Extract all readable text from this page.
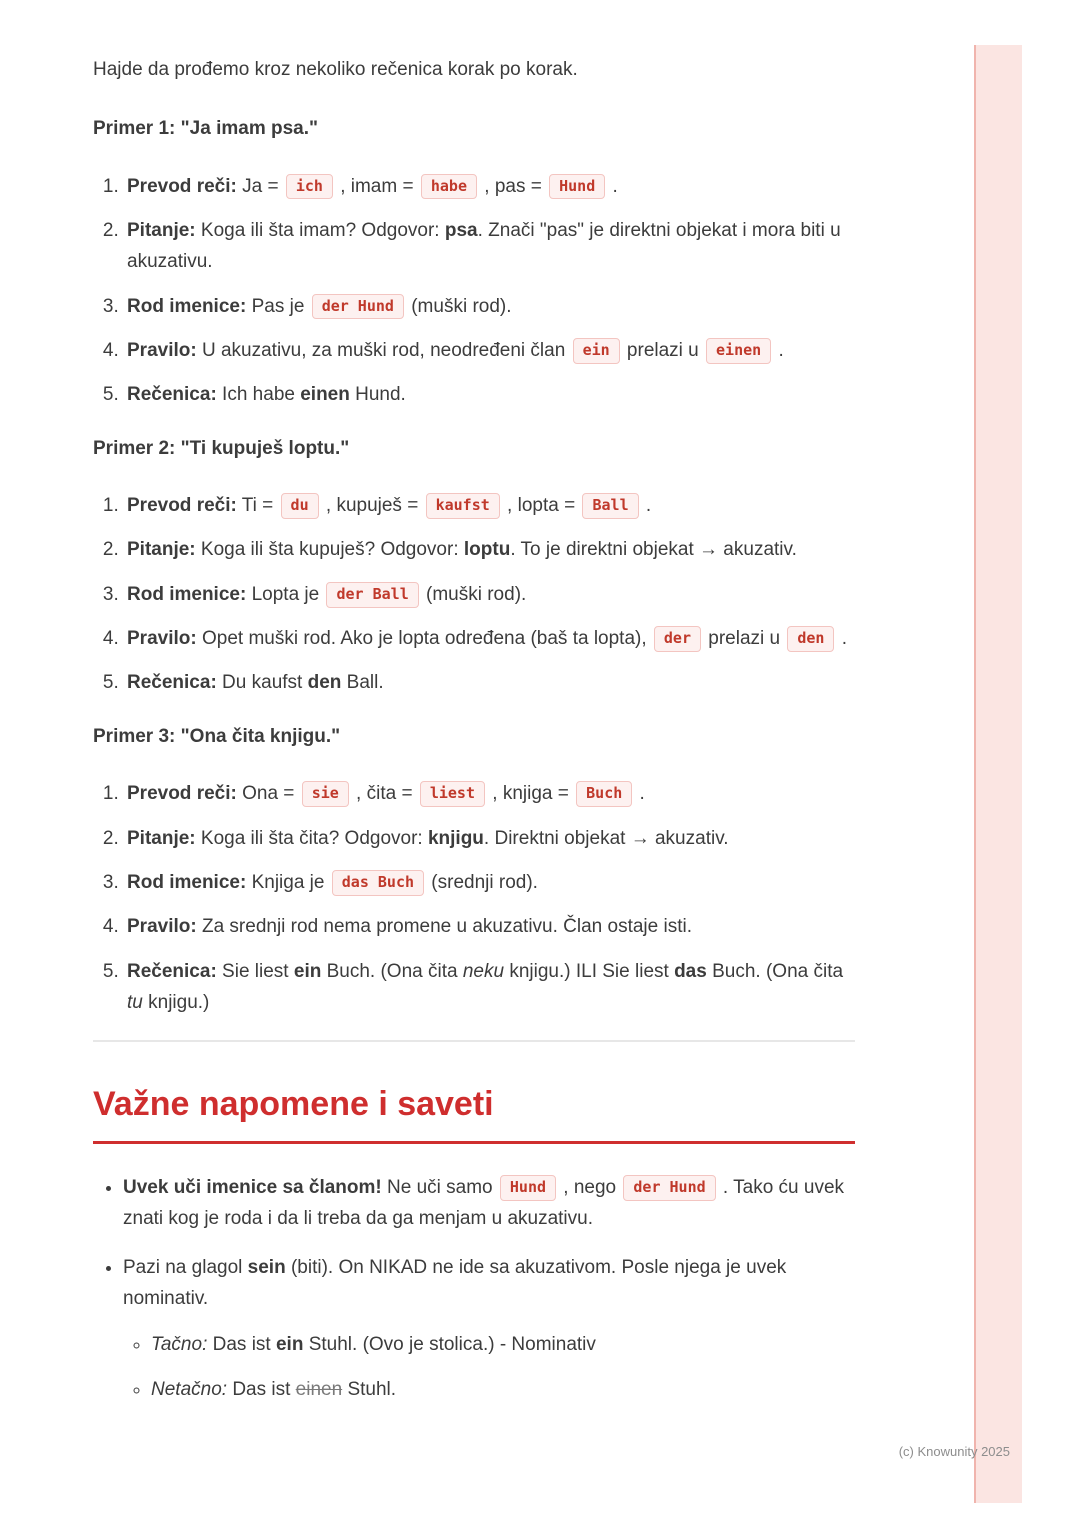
Hajde da prođemo kroz nekoliko rečenica korak po korak.

Primer 1: "Ja imam psa."
1. Prevod reči: Ja = ich , imam = habe , pas = Hund .
2. Pitanje: Koga ili šta imam? Odgovor: psa. Znači "pas" je direktni objekat i mora biti u akuzativu.
3. Rod imenice: Pas je der Hund (muški rod).
4. Pravilo: U akuzativu, za muški rod, neodređeni član ein prelazi u einen .
5. Rečenica: Ich habe einen Hund.
Primer 2: "Ti kupuješ loptu."
1. Prevod reči: Ti = du , kupuješ = kaufst , lopta = Ball .
2. Pitanje: Koga ili šta kupuješ? Odgovor: loptu. To je direktni objekat → akuzativ.
3. Rod imenice: Lopta je der Ball (muški rod).
4. Pravilo: Opet muški rod. Ako je lopta određena (baš ta lopta), der prelazi u den .
5. Rečenica: Du kaufst den Ball.
Primer 3: "Ona čita knjigu."
1. Prevod reči: Ona = sie , čita = liest , knjiga = Buch .
2. Pitanje: Koga ili šta čita? Odgovor: knjigu. Direktni objekat → akuzativ.
3. Rod imenice: Knjiga je das Buch (srednji rod).
4. Pravilo: Za srednji rod nema promene u akuzativu. Član ostaje isti.
5. Rečenica: Sie liest ein Buch. (Ona čita neku knjigu.) ILI Sie liest das Buch. (Ona čita tu knjigu.)
Važne napomene i saveti
• Uvek uči imenice sa članom! Ne uči samo Hund , nego der Hund . Tako ću uvek znati kog je roda i da li treba da ga menjam u akuzativu.
• Pazi na glagol sein (biti). On NIKAD ne ide sa akuzativom. Posle njega je uvek nominativ.
◦ Tačno: Das ist ein Stuhl. (Ovo je stolica.) - Nominativ
◦ Netačno: Das ist einen Stuhl.
(c) Knowunity 2025
